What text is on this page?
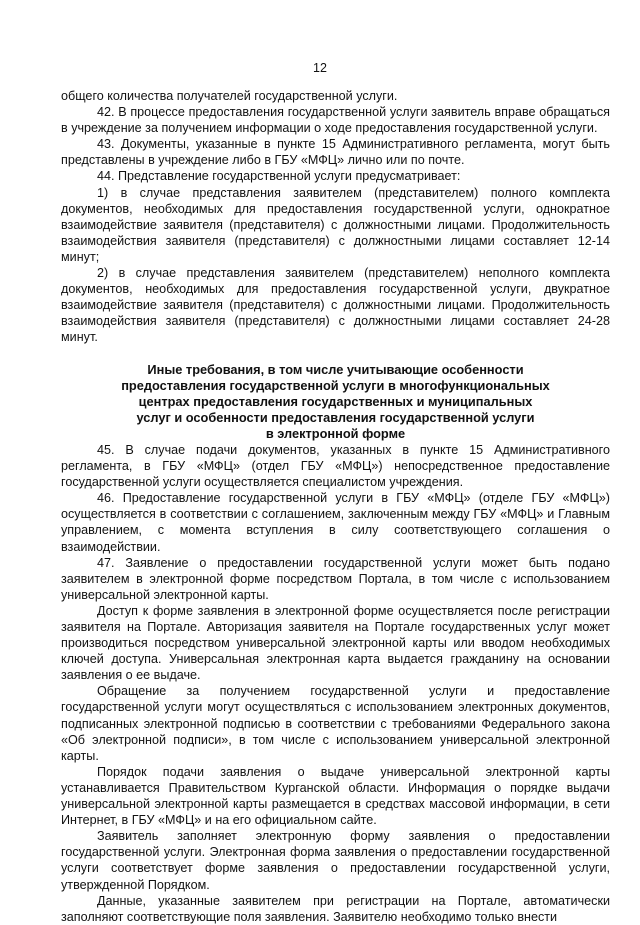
12

общего количества получателей государственной услуги.

42. В процессе предоставления государственной услуги заявитель вправе обращаться в учреждение за получением информации о ходе предоставления государственной услуги.

43. Документы, указанные в пункте 15 Административного регламента, могут быть представлены в учреждение либо в ГБУ «МФЦ» лично или по почте.

44. Представление государственной услуги предусматривает:

1) в случае представления заявителем (представителем) полного комплекта документов, необходимых для предоставления государственной услуги, однократное взаимодействие заявителя (представителя) с должностными лицами. Продолжительность взаимодействия заявителя (представителя) с должностными лицами составляет 12-14 минут;

2) в случае представления заявителем (представителем) неполного комплекта документов, необходимых для предоставления государственной услуги, двукратное взаимодействие заявителя (представителя) с должностными лицами. Продолжительность взаимодействия заявителя (представителя) с должностными лицами составляет 24-28 минут.

Иные требования, в том числе учитывающие особенности
предоставления государственной услуги в многофункциональных
центрах предоставления государственных и муниципальных
услуг и особенности предоставления государственной услуги
в электронной форме

45. В случае подачи документов, указанных в пункте 15 Административного регламента, в ГБУ «МФЦ» (отдел ГБУ «МФЦ») непосредственное предоставление государственной услуги осуществляется специалистом учреждения.

46. Предоставление государственной услуги в ГБУ «МФЦ» (отделе ГБУ «МФЦ») осуществляется в соответствии с соглашением, заключенным между ГБУ «МФЦ» и Главным управлением, с момента вступления в силу соответствующего соглашения о взаимодействии.

47. Заявление о предоставлении государственной услуги может быть подано заявителем в электронной форме посредством Портала, в том числе с использованием универсальной электронной карты.

Доступ к форме заявления в электронной форме осуществляется после регистрации заявителя на Портале. Авторизация заявителя на Портале государственных услуг может производиться посредством универсальной электронной карты или вводом необходимых ключей доступа. Универсальная электронная карта выдается гражданину на основании заявления о ее выдаче.

Обращение за получением государственной услуги и предоставление государственной услуги могут осуществляться с использованием электронных документов, подписанных электронной подписью в соответствии с требованиями Федерального закона «Об электронной подписи», в том числе с использованием универсальной электронной карты.

Порядок подачи заявления о выдаче универсальной электронной карты устанавливается Правительством Курганской области. Информация о порядке выдачи универсальной электронной карты размещается в средствах массовой информации, в сети Интернет, в ГБУ «МФЦ» и на его официальном сайте.

Заявитель заполняет электронную форму заявления о предоставлении государственной услуги. Электронная форма заявления о предоставлении государственной услуги соответствует форме заявления о предоставлении государственной услуги, утвержденной Порядком.

Данные, указанные заявителем при регистрации на Портале, автоматически заполняют соответствующие поля заявления. Заявителю необходимо только внести
